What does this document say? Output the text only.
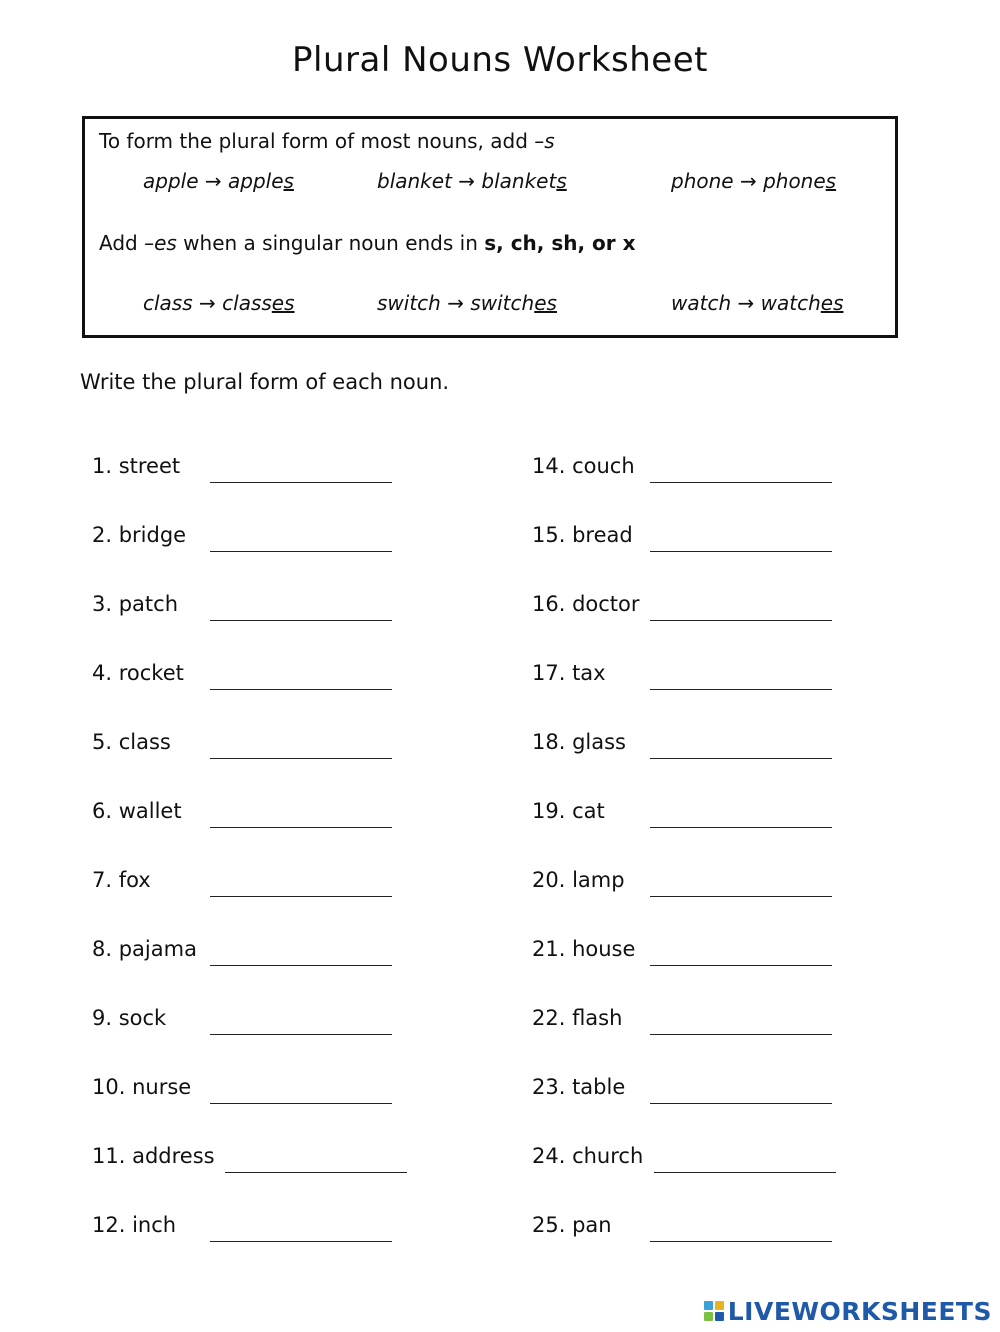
Plural Nouns Worksheet
To form the plural form of most nouns, add –s
apple → apples	blanket → blankets	phone → phones
Add –es when a singular noun ends in s, ch, sh, or x
class → classes	switch → switches	watch → watches
Write the plural form of each noun.
1. street
2. bridge
3. patch
4. rocket
5. class
6. wallet
7. fox
8. pajama
9. sock
10. nurse
11. address
12. inch
14. couch
15. bread
16. doctor
17. tax
18. glass
19. cat
20. lamp
21. house
22. flash
23. table
24. church
25. pan
LIVEWORKSHEETS
